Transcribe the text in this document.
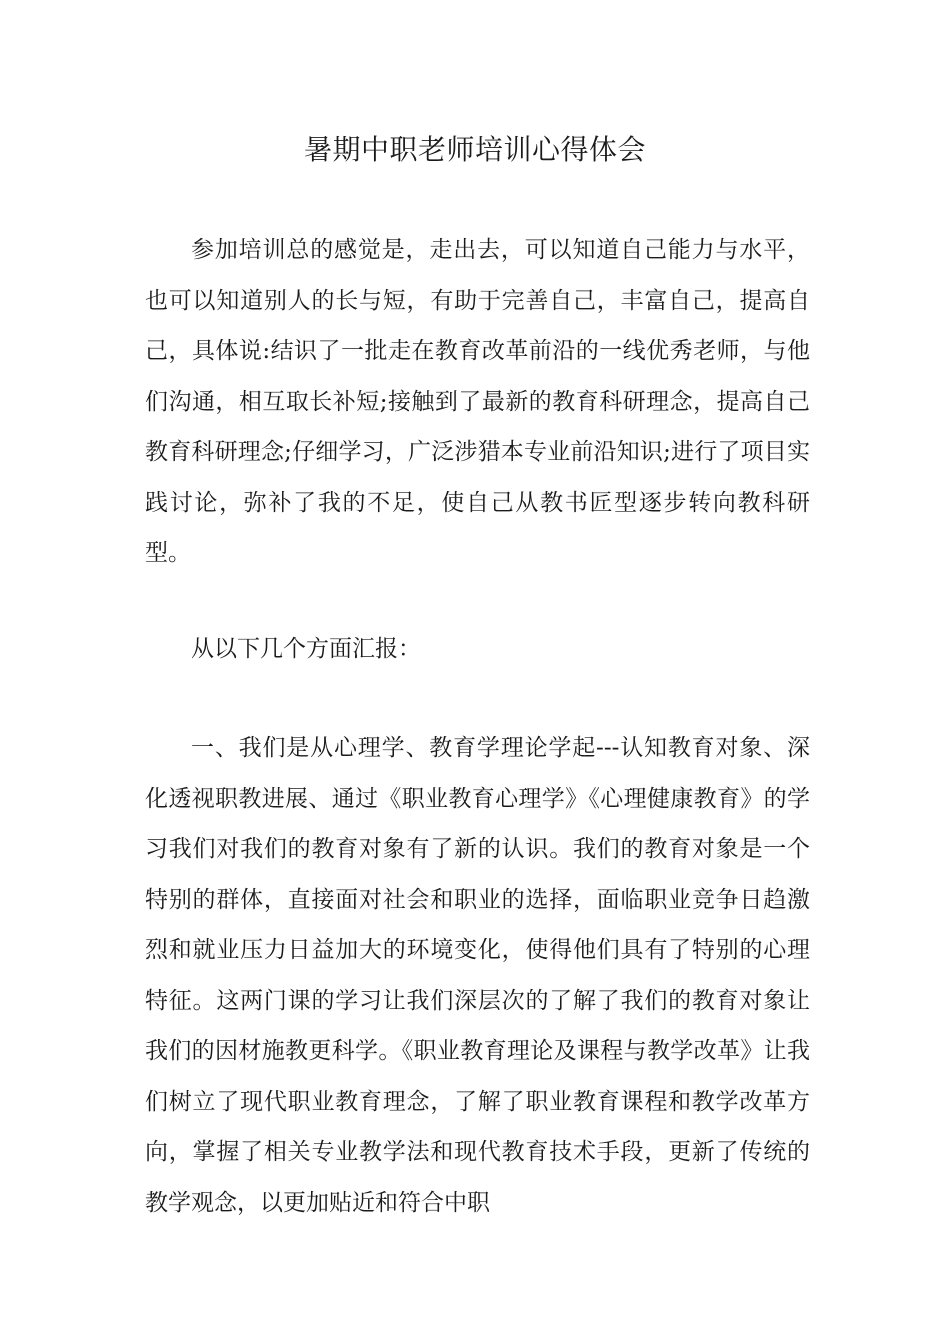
暑期中职老师培训心得体会

参加培训总的感觉是，走出去，可以知道自己能力与水平，也可以知道别人的长与短，有助于完善自己，丰富自己，提高自己，具体说:结识了一批走在教育改革前沿的一线优秀老师，与他们沟通，相互取长补短;接触到了最新的教育科研理念，提高自己教育科研理念;仔细学习，广泛涉猎本专业前沿知识;进行了项目实践讨论，弥补了我的不足，使自己从教书匠型逐步转向教科研型。

从以下几个方面汇报：

一、我们是从心理学、教育学理论学起---认知教育对象、深化透视职教进展、通过《职业教育心理学》《心理健康教育》的学习我们对我们的教育对象有了新的认识。我们的教育对象是一个特别的群体，直接面对社会和职业的选择，面临职业竞争日趋激烈和就业压力日益加大的环境变化，使得他们具有了特别的心理特征。这两门课的学习让我们深层次的了解了我们的教育对象让我们的因材施教更科学。《职业教育理论及课程与教学改革》让我们树立了现代职业教育理念，了解了职业教育课程和教学改革方向，掌握了相关专业教学法和现代教育技术手段，更新了传统的教学观念，以更加贴近和符合中职
